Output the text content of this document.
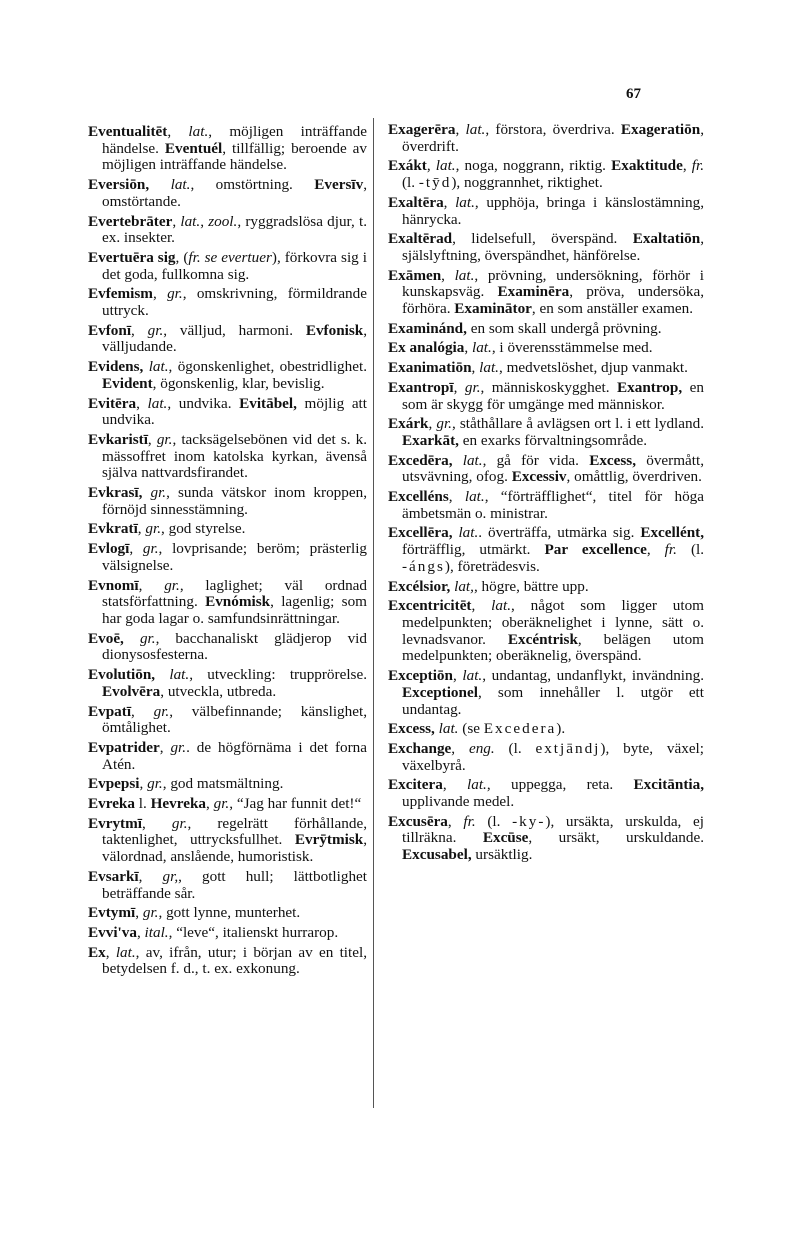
67
Eventualitēt, lat., möjligen inträffande händelse. Eventuél, tillfällig; beroende av möjligen inträffande händelse.
Eversiōn, lat., omstörtning. Eversīv, omstörtande.
Evertebrāter, lat., zool., ryggradslösa djur, t. ex. insekter.
Evertuēra sig, (fr. se evertuer), förkovra sig i det goda, fullkomna sig.
Evfemism, gr., omskrivning, förmildrande uttryck.
Evfonī, gr., välljud, harmoni. Evfonisk, välljudande.
Evidens, lat., ögonskenlighet, obestridlighet. Evident, ögonskenlig, klar, bevislig.
Evitēra, lat., undvika. Evitābel, möjlig att undvika.
Evkaristī, gr., tacksägelsebönen vid det s. k. mässoffret inom katolska kyrkan, ävenså själva nattvardsfirandet.
Evkrasī, gr., sunda vätskor inom kroppen, förnöjd sinnesstämning.
Evkratī, gr., god styrelse.
Evlogī, gr., lovprisande; beröm; prästerlig välsignelse.
Evnomī, gr., laglighet; väl ordnad statsförfattning. Evnómisk, lagenlig; som har goda lagar o. samfundsinrättningar.
Evoē, gr., bacchanaliskt glädjerop vid dionysosfesterna.
Evolutiōn, lat., utveckling: trupprörelse. Evolvēra, utveckla, utbreda.
Evpatī, gr., välbefinnande; känslighet, ömtålighet.
Evpatrider, gr.. de högförnäma i det forna Atén.
Evpepsi, gr., god matsmältning.
Evreka l. Hevreka, gr., “Jag har funnit det!“
Evrytmī, gr., regelrätt förhållande, taktenlighet, uttrycksfullhet. Evrȳtmisk, välordnad, anslående, humoristisk.
Evsarkī, gr,, gott hull; lättbotlighet beträffande sår.
Evtymī, gr., gott lynne, munterhet.
Evvi'va, ital., “leve“, italienskt hurrarop.
Ex, lat., av, ifrån, utur; i början av en titel, betydelsen f. d., t. ex. exkonung.
Exagerēra, lat., förstora, överdriva. Exageratiōn, överdrift.
Exákt, lat., noga, noggrann, riktig. Exaktitude, fr. (l. -tȳd), noggrannhet, riktighet.
Exaltēra, lat., upphöja, bringa i känslostämning, hänrycka.
Exaltērad, lidelsefull, överspänd. Exaltatiōn, själslyftning, överspändhet, hänförelse.
Exāmen, lat., prövning, undersökning, förhör i kunskapsväg. Examinēra, pröva, undersöka, förhöra. Examinātor, en som anställer examen.
Examinánd, en som skall undergå prövning.
Ex analógia, lat., i överensstämmelse med.
Exanimatiōn, lat., medvetslöshet, djup vanmakt.
Exantropī, gr., människoskygghet. Exantrop, en som är skygg för umgänge med människor.
Exárk, gr., ståthållare å avlägsen ort l. i ett lydland. Exarkāt, en exarks förvaltningsområde.
Excedēra, lat., gå för vida. Excess, övermått, utsvävning, ofog. Excessiv, omåttlig, överdriven.
Excelléns, lat., “förträfflighet“, titel för höga ämbetsmän o. ministrar.
Excellēra, lat.. överträffa, utmärka sig. Excellént, förträfflig, utmärkt. Par excellence, fr. (l. -ángs), företrädesvis.
Excélsior, lat,, högre, bättre upp.
Excentricitēt, lat., något som ligger utom medelpunkten; oberäknelighet i lynne, sätt o. levnadsvanor. Excéntrisk, belägen utom medelpunkten; oberäknelig, överspänd.
Exceptiōn, lat., undantag, undanflykt, invändning. Exceptionel, som innehåller l. utgör ett undantag.
Excess, lat. (se Excedera).
Exchange, eng. (l. extjāndj), byte, växel; växelbyrå.
Excitera, lat., uppegga, reta. Excitāntia, upplivande medel.
Excusēra, fr. (l. -ky-), ursäkta, urskulda, ej tillräkna. Excūse, ursäkt, urskuldande. Excusabel, ursäktlig.
